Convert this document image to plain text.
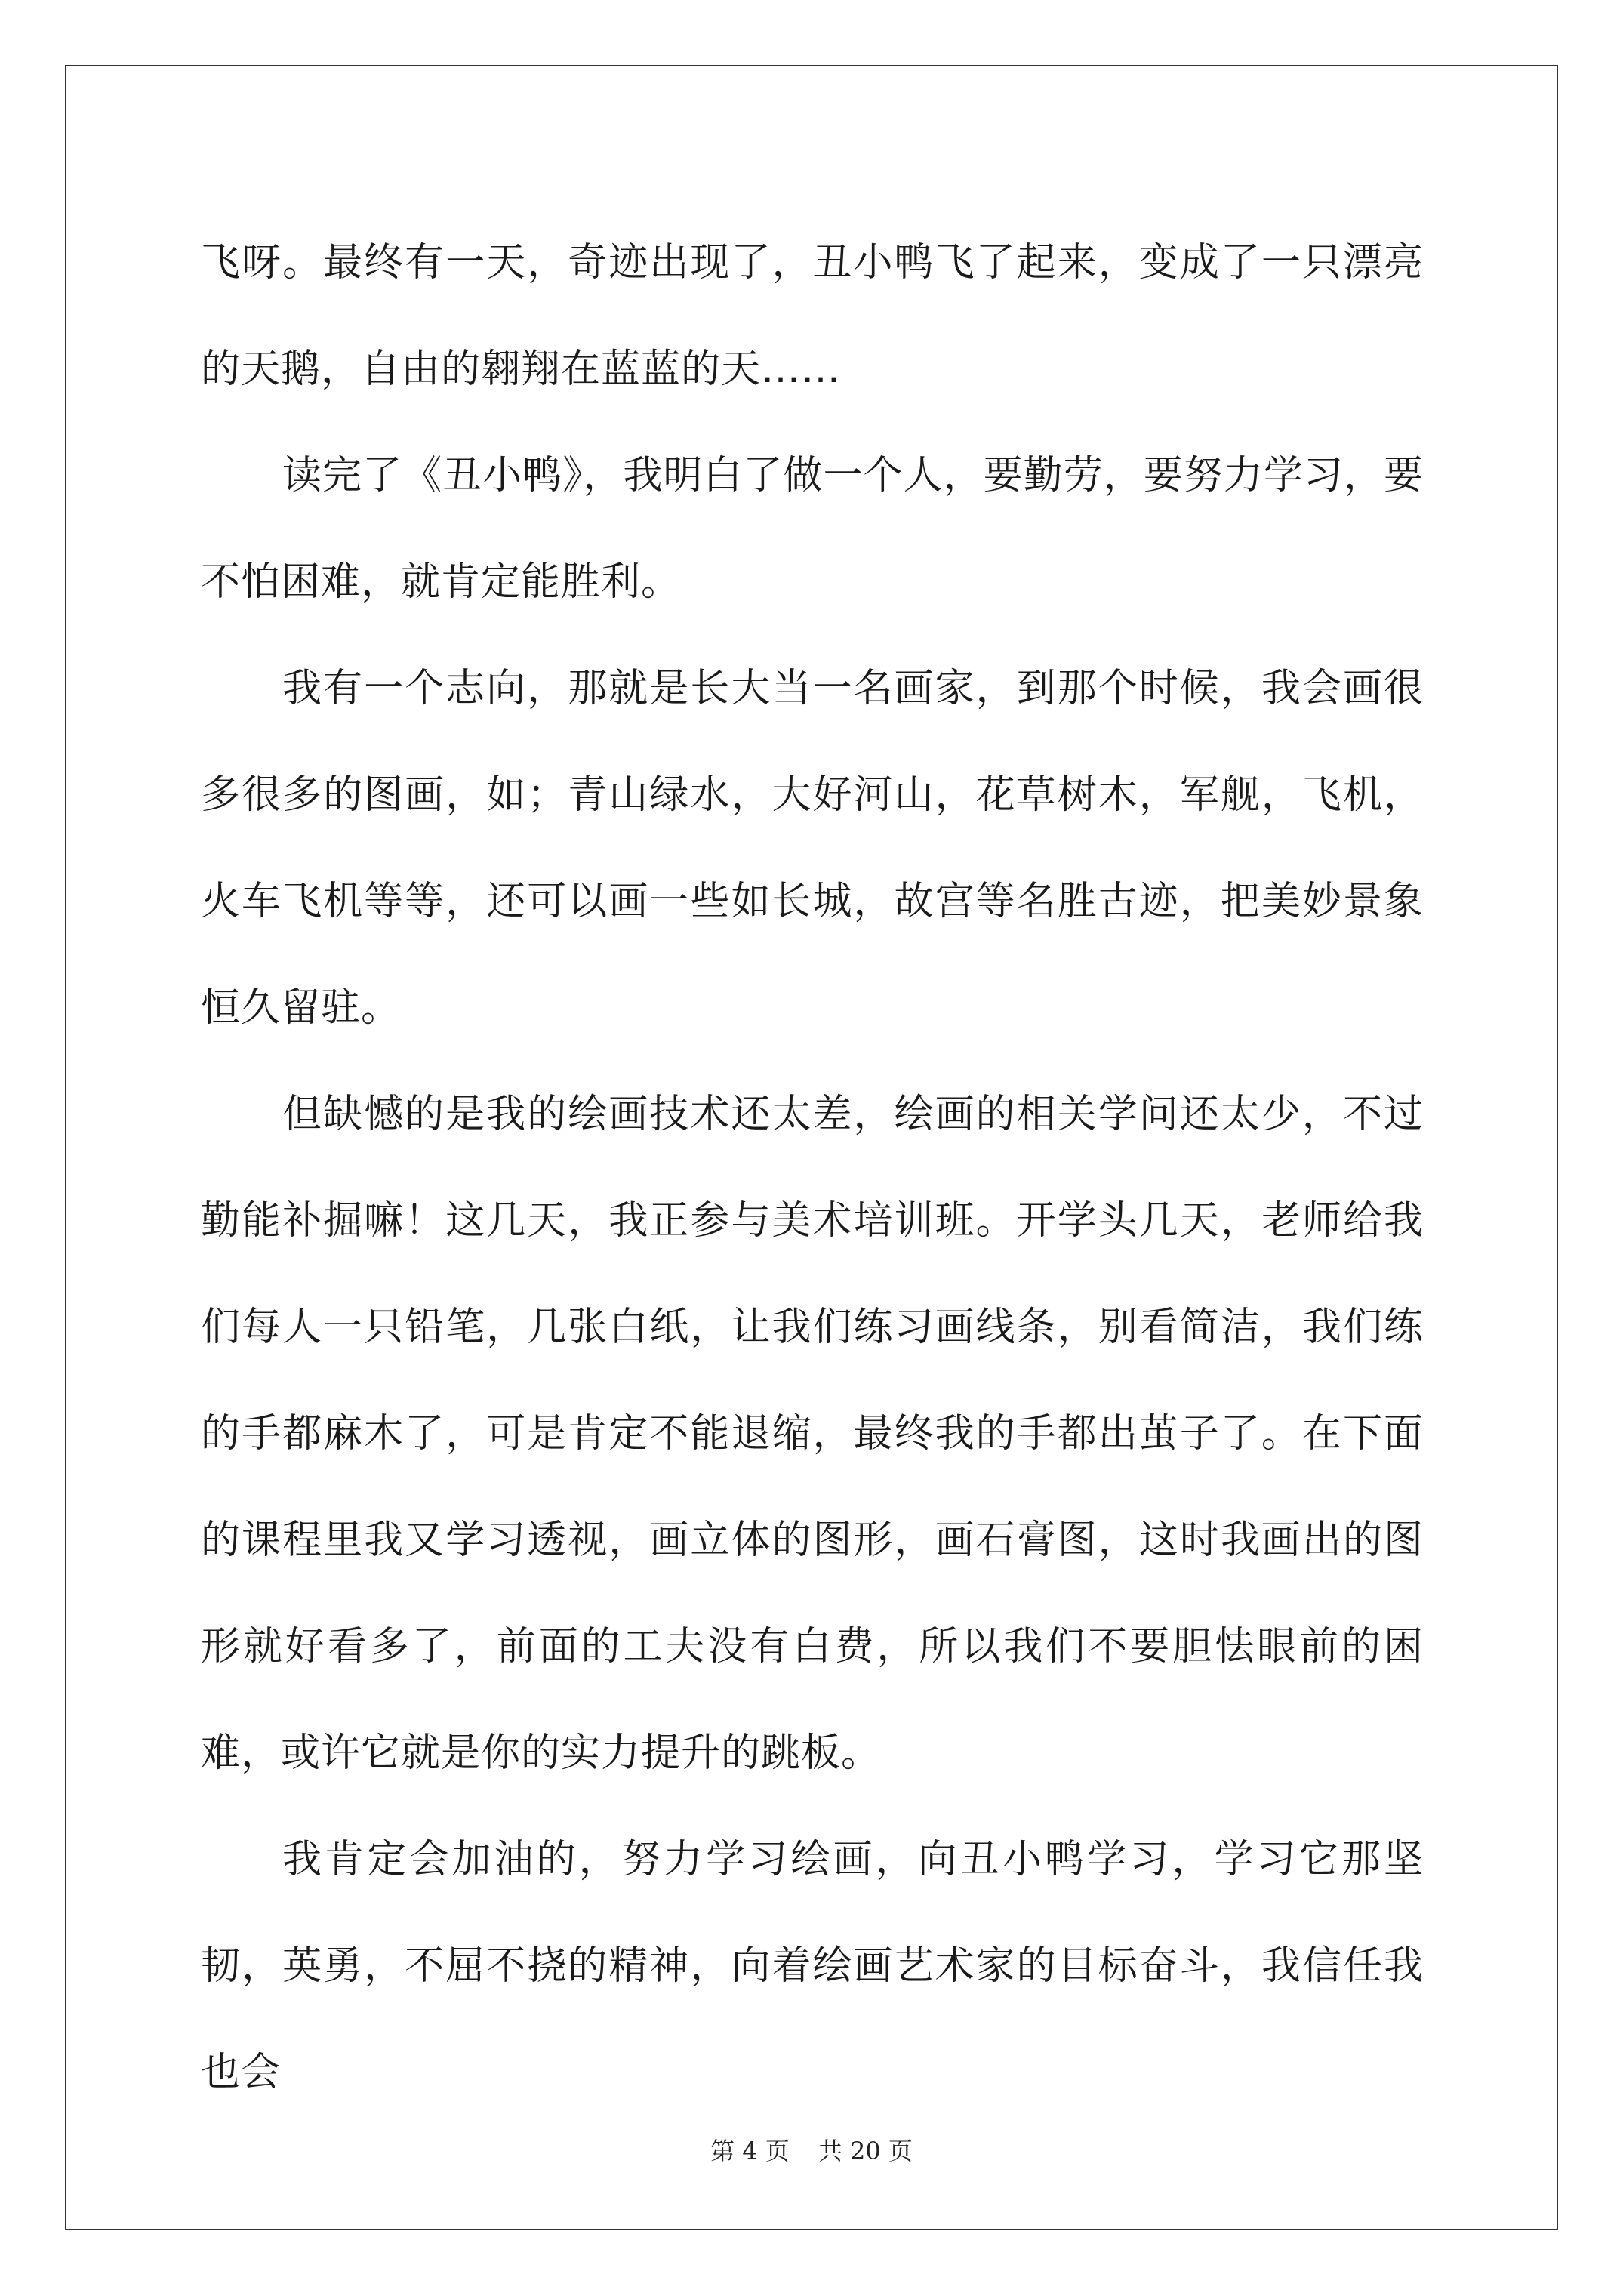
飞呀。最终有一天，奇迹出现了，丑小鸭飞了起来，变成了一只漂亮的天鹅，自由的翱翔在蓝蓝的天……

读完了《丑小鸭》，我明白了做一个人，要勤劳，要努力学习，要不怕困难，就肯定能胜利。

我有一个志向，那就是长大当一名画家，到那个时候，我会画很多很多的图画，如；青山绿水，大好河山，花草树木，军舰，飞机，火车飞机等等，还可以画一些如长城，故宫等名胜古迹，把美妙景象恒久留驻。

但缺憾的是我的绘画技术还太差，绘画的相关学问还太少，不过勤能补掘嘛！这几天，我正参与美术培训班。开学头几天，老师给我们每人一只铅笔，几张白纸，让我们练习画线条，别看简洁，我们练的手都麻木了，可是肯定不能退缩，最终我的手都出茧子了。在下面的课程里我又学习透视，画立体的图形，画石膏图，这时我画出的图形就好看多了，前面的工夫没有白费，所以我们不要胆怯眼前的困难，或许它就是你的实力提升的跳板。

我肯定会加油的，努力学习绘画，向丑小鸭学习，学习它那坚韧，英勇，不屈不挠的精神，向着绘画艺术家的目标奋斗，我信任我也会

第 4 页 共 20 页
